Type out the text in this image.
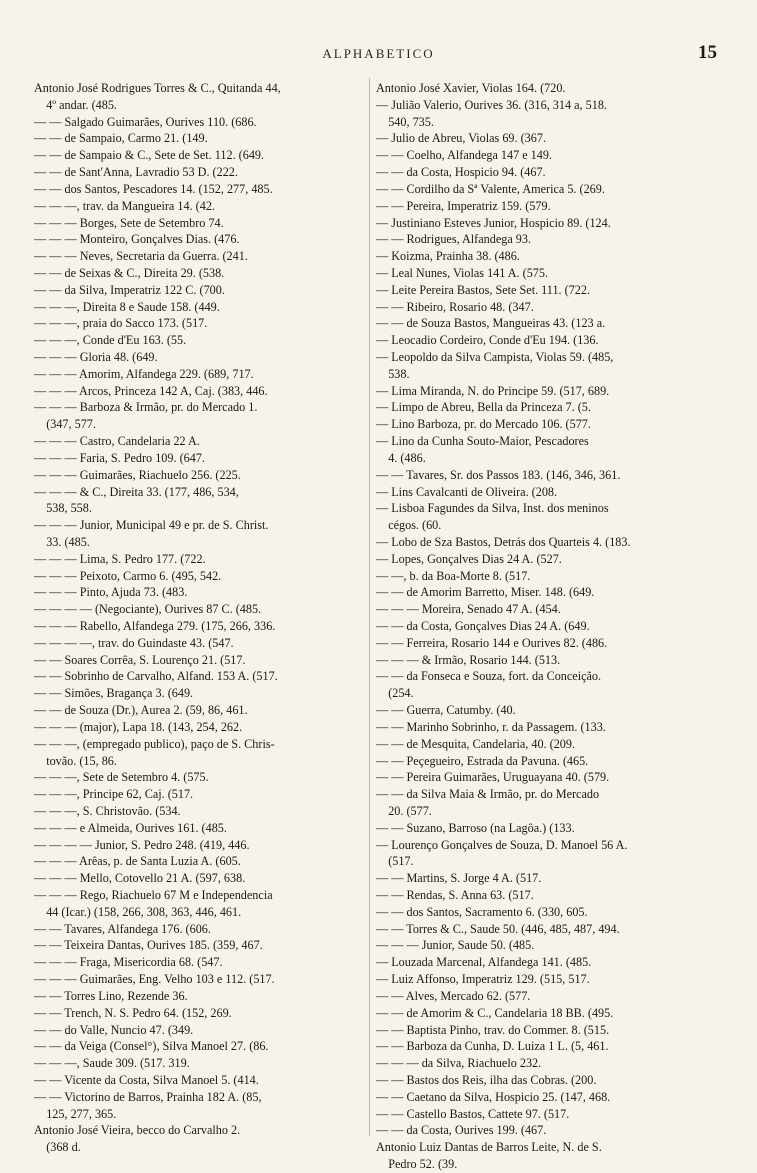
ALPHABETICO	15
Antonio José Rodrigues Torres & C., Quitanda 44,
4º andar. (485.
— — Salgado Guimarães, Ourives 110. (686.
— — de Sampaio, Carmo 21. (149.
— — de Sampaio & C., Sete de Set. 112. (649.
— — de Sant'Anna, Lavradio 53 D. (222.
— — dos Santos, Pescadores 14. (152, 277, 485.
— — —, trav. da Mangueira 14. (42.
— — — Borges, Sete de Setembro 74.
— — — Monteiro, Gonçalves Dias. (476.
— — — Neves, Secretaria da Guerra. (241.
— — de Seixas & C., Direita 29. (538.
— — da Silva, Imperatriz 122 C. (700.
— — —, Direita 8 e Saude 158. (449.
— — —, praia do Sacco 173. (517.
— — —, Conde d'Eu 163. (55.
— — — Gloria 48. (649.
— — — Amorim, Alfandega 229. (689, 717.
— — — Arcos, Princeza 142 A, Caj. (383, 446.
— — — Barboza & Irmão, pr. do Mercado 1.
(347, 577.
— — — Castro, Candelaria 22 A.
— — — Faria, S. Pedro 109. (647.
— — — Guimarães, Riachuelo 256. (225.
— — — & C., Direita 33. (177, 486, 534,
538, 558.
— — — Junior, Municipal 49 e pr. de S. Christ.
33. (485.
— — — Lima, S. Pedro 177. (722.
— — — Peixoto, Carmo 6. (495, 542.
— — — Pinto, Ajuda 73. (483.
— — — — (Negociante), Ourives 87 C. (485.
— — — Rabello, Alfandega 279. (175, 266, 336.
— — — —, trav. do Guindaste 43. (547.
— — Soares Corrêa, S. Lourenço 21. (517.
— — Sobrinho de Carvalho, Alfand. 153 A. (517.
— — Simões, Bragança 3. (649.
— — de Souza (Dr.), Aurea 2. (59, 86, 461.
— — — (major), Lapa 18. (143, 254, 262.
— — —, (empregado publico), paço de S. Chris-
tovão. (15, 86.
— — —, Sete de Setembro 4. (575.
— — —, Principe 62, Caj. (517.
— — —, S. Christovão. (534.
— — — e Almeida, Ourives 161. (485.
— — — — Junior, S. Pedro 248. (419, 446.
— — — Arêas, p. de Santa Luzia A. (605.
— — — Mello, Cotovello 21 A. (597, 638.
— — — Rego, Riachuelo 67 M e Independencia
44 (Icar.) (158, 266, 308, 363, 446, 461.
— — Tavares, Alfandega 176. (606.
— — Teixeira Dantas, Ourives 185. (359, 467.
— — — Fraga, Misericordia 68. (547.
— — — Guimarães, Eng. Velho 103 e 112. (517.
— — Torres Lino, Rezende 36.
— — Trench, N. S. Pedro 64. (152, 269.
— — do Valle, Nuncio 47. (349.
— — da Veiga (Consel°), Silva Manoel 27. (86.
— — —, Saude 309. (517. 319.
— — Vicente da Costa, Silva Manoel 5. (414.
— — Victorino de Barros, Prainha 182 A. (85,
125, 277, 365.
Antonio José Vieira, becco do Carvalho 2.
(368 d.
Antonio José Xavier, Violas 164. (720.
— Julião Valerio, Ourives 36. (316, 314 a, 518.
540, 735.
— Julio de Abreu, Violas 69. (367.
— — Coelho, Alfandega 147 e 149.
— — da Costa, Hospicio 94. (467.
— — Cordilho da Sª Valente, America 5. (269.
— — Pereira, Imperatriz 159. (579.
— Justiniano Esteves Junior, Hospicio 89. (124.
— — Rodrigues, Alfandega 93.
— Koizma, Prainha 38. (486.
— Leal Nunes, Violas 141 A. (575.
— Leite Pereira Bastos, Sete Set. 111. (722.
— — Ribeiro, Rosario 48. (347.
— — de Souza Bastos, Mangueiras 43. (123 a.
— Leocadio Cordeiro, Conde d'Eu 194. (136.
— Leopoldo da Silva Campista, Violas 59. (485,
538.
— Lima Miranda, N. do Principe 59. (517, 689.
— Limpo de Abreu, Bella da Princeza 7. (5.
— Lino Barboza, pr. do Mercado 106. (577.
— Lino da Cunha Souto-Maior, Pescadores
4. (486.
— — Tavares, Sr. dos Passos 183. (146, 346, 361.
— Lins Cavalcanti de Oliveira. (208.
— Lisboa Fagundes da Silva, Inst. dos meninos
cégos. (60.
— Lobo de Sza Bastos, Detrás dos Quarteis 4. (183.
— Lopes, Gonçalves Dias 24 A. (527.
— —, b. da Boa-Morte 8. (517.
— — de Amorim Barretto, Miser. 148. (649.
— — — Moreira, Senado 47 A. (454.
— — da Costa, Gonçalves Dias 24 A. (649.
— — Ferreira, Rosario 144 e Ourives 82. (486.
— — — & Irmão, Rosario 144. (513.
— — da Fonseca e Souza, fort. da Conceição.
(254.
— — Guerra, Catumby. (40.
— — Marinho Sobrinho, r. da Passagem. (133.
— — de Mesquita, Candelaria, 40. (209.
— — Peçegueiro, Estrada da Pavuna. (465.
— — Pereira Guimarães, Uruguayana 40. (579.
— — da Silva Maia & Irmão, pr. do Mercado
20. (577.
— — Suzano, Barroso (na Lagôa.) (133.
— Lourenço Gonçalves de Souza, D. Manoel 56 A.
(517.
— — Martins, S. Jorge 4 A. (517.
— — Rendas, S. Anna 63. (517.
— — dos Santos, Sacramento 6. (330, 605.
— — Torres & C., Saude 50. (446, 485, 487, 494.
— — — Junior, Saude 50. (485.
— Louzada Marcenal, Alfandega 141. (485.
— Luiz Affonso, Imperatriz 129. (515, 517.
— — Alves, Mercado 62. (577.
— — de Amorim & C., Candelaria 18 BB. (495.
— — Baptista Pinho, trav. do Commer. 8. (515.
— — Barboza da Cunha, D. Luiza 1 L. (5, 461.
— — — da Silva, Riachuelo 232.
— — Bastos dos Reis, ilha das Cobras. (200.
— — Caetano da Silva, Hospicio 25. (147, 468.
— — Castello Bastos, Cattete 97. (517.
— — da Costa, Ourives 199. (467.
Antonio Luiz Dantas de Barros Leite, N. de S.
Pedro 52. (39.
